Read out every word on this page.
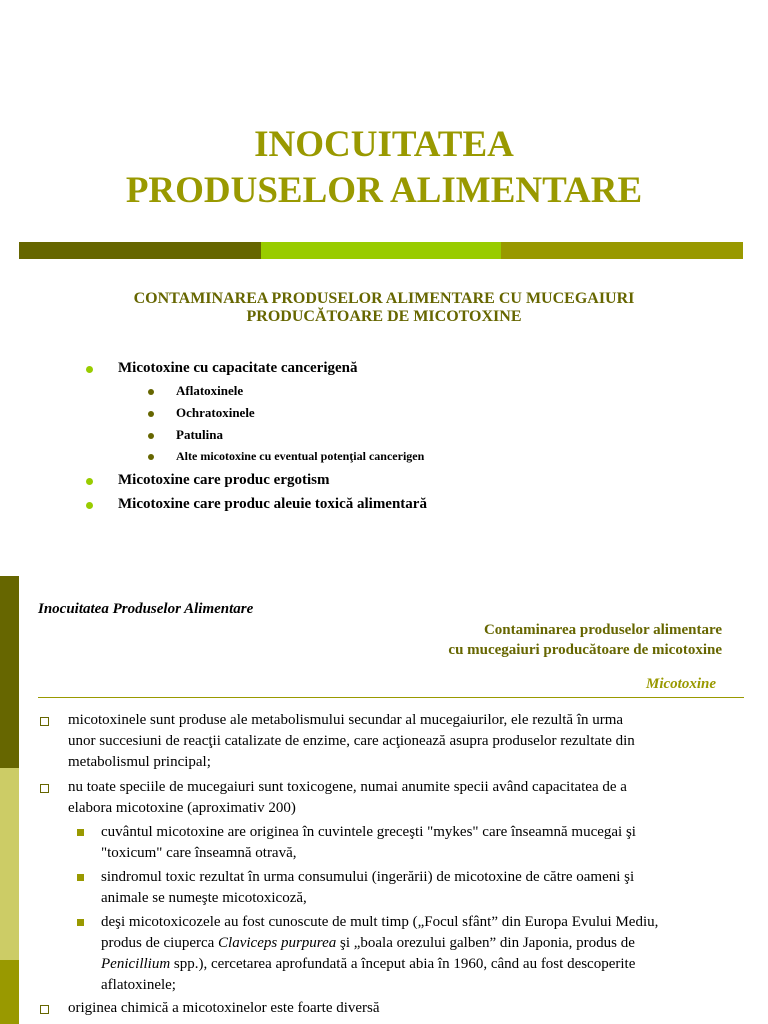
INOCUITATEA
PRODUSELOR ALIMENTARE
CONTAMINAREA PRODUSELOR ALIMENTARE CU MUCEGAIURI
PRODUCĂTOARE DE MICOTOXINE
Micotoxine cu capacitate cancerigenă
Aflatoxinele
Ochratoxinele
Patulina
Alte micotoxine cu eventual potenţial cancerigen
Micotoxine care produc ergotism
Micotoxine care produc aleuie toxică alimentară
Inocuitatea Produselor Alimentare
Contaminarea produselor alimentare
cu mucegaiuri producătoare de micotoxine
Micotoxine
micotoxinele sunt produse ale metabolismului secundar al mucegaiurilor, ele rezultă în urma
unor succesiuni de reacţii catalizate de enzime, care acţionează asupra produselor rezultate din
metabolismul principal;
nu toate speciile de mucegaiuri sunt toxicogene, numai anumite specii având capacitatea de a
elabora micotoxine (aproximativ 200)
cuvântul micotoxine are originea în cuvintele greceşti "mykes" care înseamnă mucegai şi
"toxicum" care înseamnă otravă,
sindromul toxic rezultat în urma consumului (ingerării) de micotoxine de către oameni şi
animale se numeşte micotoxicoză,
deşi micotoxicozele au fost cunoscute de mult timp („Focul sfânt” din Europa Evului Mediu,
produs de ciuperca Claviceps purpurea şi „boala orezului galben” din Japonia, produs de
Penicillium spp.), cercetarea aprofundată a început abia în 1960, când au fost descoperite
aflatoxinele;
originea chimică a micotoxinelor este foarte diversă
